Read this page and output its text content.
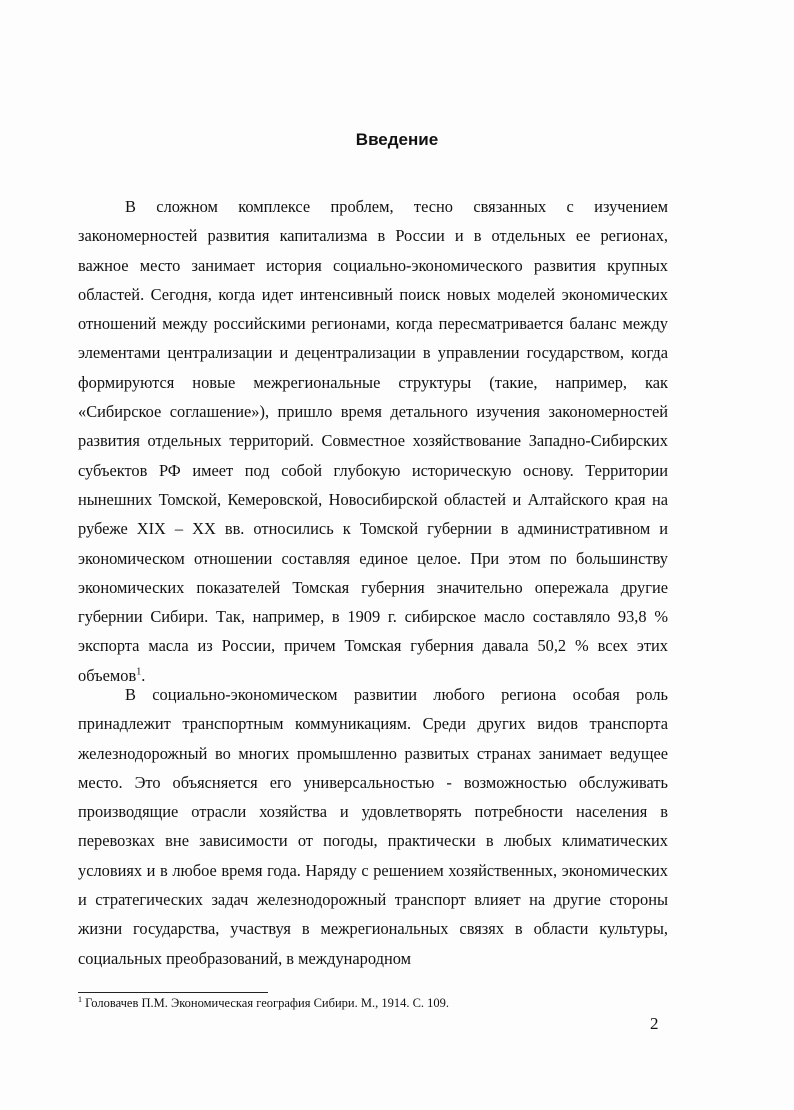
Введение

В сложном комплексе проблем, тесно связанных с изучением закономерностей развития капитализма в России и в отдельных ее регионах, важное место занимает история социально-экономического развития крупных областей. Сегодня, когда идет интенсивный поиск новых моделей экономических отношений между российскими регионами, когда пересматривается баланс между элементами централизации и децентрализации в управлении государством, когда формируются новые межрегиональные структуры (такие, например, как «Сибирское соглашение»), пришло время детального изучения закономерностей развития отдельных территорий. Совместное хозяйствование Западно-Сибирских субъектов РФ имеет под собой глубокую историческую основу. Территории нынешних Томской, Кемеровской, Новосибирской областей и Алтайского края на рубеже XIX – XX вв. относились к Томской губернии в административном и экономическом отношении составляя единое целое. При этом по большинству экономических показателей Томская губерния значительно опережала другие губернии Сибири. Так, например, в 1909 г. сибирское масло составляло 93,8 % экспорта масла из России, причем Томская губерния давала 50,2 % всех этих объемов$^1$.

В социально-экономическом развитии любого региона особая роль принадлежит транспортным коммуникациям. Среди других видов транспорта железнодорожный во многих промышленно развитых странах занимает ведущее место. Это объясняется его универсальностью - возможностью обслуживать производящие отрасли хозяйства и удовлетворять потребности населения в перевозках вне зависимости от погоды, практически в любых климатических условиях и в любое время года. Наряду с решением хозяйственных, экономических и стратегических задач железнодорожный транспорт влияет на другие стороны жизни государства, участвуя в межрегиональных связях в области культуры, социальных преобразований, в международном

$^1$ Головачев П.М. Экономическая география Сибири. М., 1914. С. 109.
2
